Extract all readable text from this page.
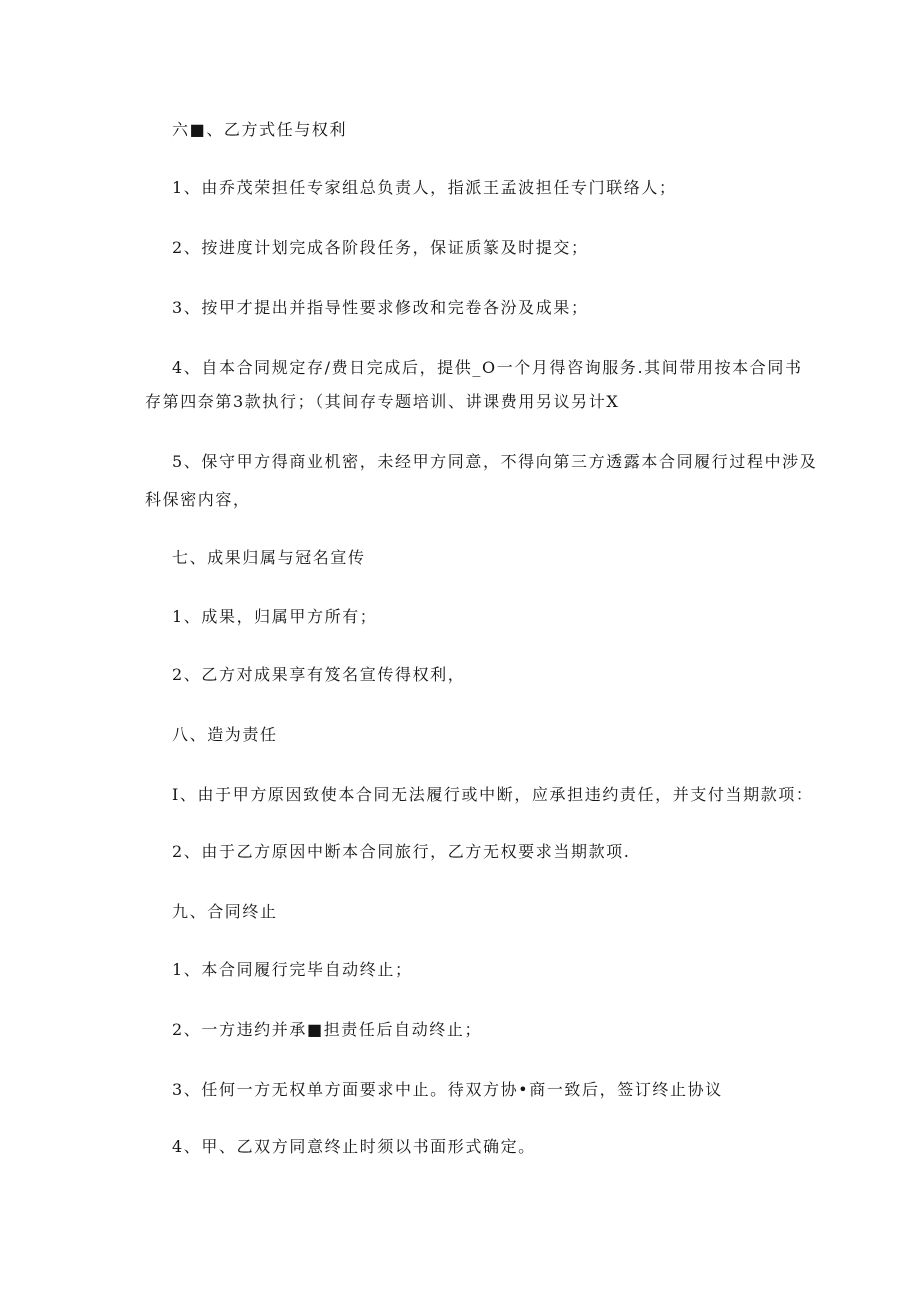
六■、乙方式任与权利
1、由乔茂荣担任专家组总负责人，指派王孟波担任专门联络人；
2、按进度计划完成各阶段任务，保证质篆及时提交；
3、按甲才提出并指导性要求修改和完卷各汾及成果；
4、自本合同规定存/费日完成后，提供_O一个月得咨询服务.其间带用按本合同书
存第四奈第3款执行；（其间存专题培训、讲课费用另议另计X
5、保守甲方得商业机密，未经甲方同意，不得向第三方透露本合同履行过程中涉及
科保密内容，
七、成果归属与冠名宣传
1、成果，归属甲方所有；
2、乙方对成果享有笈名宣传得权利，
八、造为责任
I、由于甲方原因致使本合同无法履行或中断，应承担违约责任，并支付当期款项：
2、由于乙方原因中断本合同旅行，乙方无权要求当期款项.
九、合同终止
1、本合同履行完毕自动终止；
2、一方违约并承■担责任后自动终止；
3、任何一方无权单方面要求中止。待双方协•商一致后，签订终止协议
4、甲、乙双方同意终止时须以书面形式确定。
